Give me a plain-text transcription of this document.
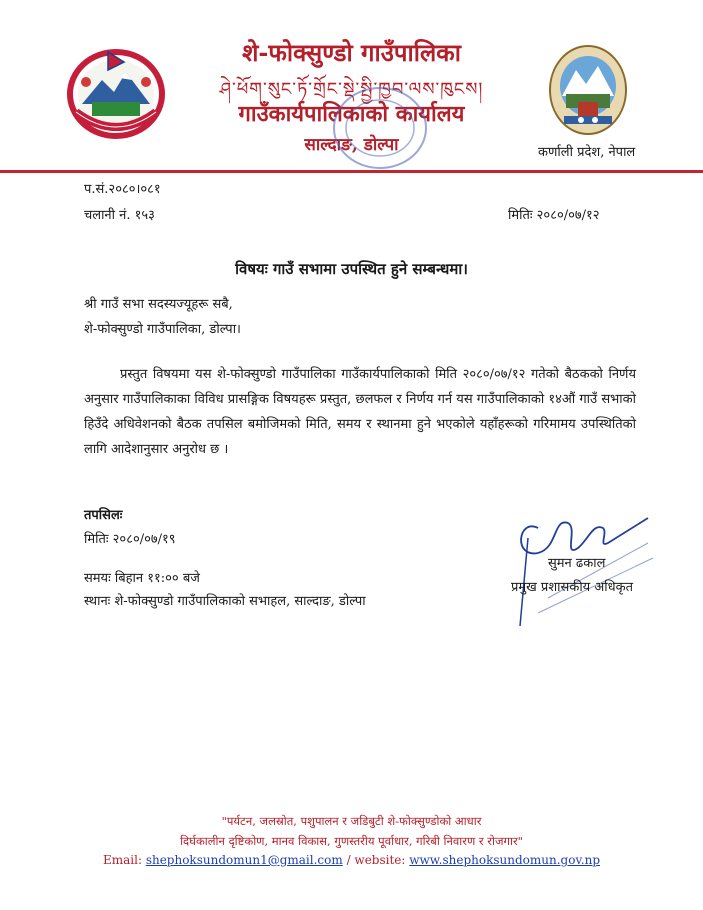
शे-फोक्सुण्डो गाउँपालिका
ཤེ་ཕོག་སུང་ཏོ་གྲོང་སྡེ་སྤྱི་ཁྱབ་ལས་ཁུངས།
गाउँकार्यपालिकाको कार्यालय
साल्दाङ, डोल्पा	कर्णाली प्रदेश, नेपाल
प.सं.२०८०।०८१
चलानी नं. १५३	मितिः २०८०/०७/१२
विषयः गाउँ सभामा उपस्थित हुने सम्बन्धमा।
श्री गाउँ सभा सदस्यज्यूहरू सबै,
शे-फोक्सुण्डो गाउँपालिका, डोल्पा।
प्रस्तुत विषयमा यस शे-फोक्सुण्डो गाउँपालिका गाउँकार्यपालिकाको मिति २०८०/०७/१२ गतेको बैठकको निर्णय अनुसार गाउँपालिकाका विविध प्रासङ्गिक विषयहरू प्रस्तुत, छलफल र निर्णय गर्न यस गाउँपालिकाको १४औं गाउँ सभाको हिउँदे अधिवेशनको बैठक तपसिल बमोजिमको मिति, समय र स्थानमा हुने भएकोले यहाँहरूको गरिमामय उपस्थितिको लागि आदेशानुसार अनुरोध छ ।
तपसिलः
मितिः २०८०/०७/१९
समयः बिहान ११:०० बजे
स्थानः शे-फोक्सुण्डो गाउँपालिकाको सभाहल, साल्दाङ, डोल्पा
सुमन ढकाल
प्रमुख प्रशासकीय अधिकृत
"पर्यटन, जलस्रोत, पशुपालन र जडिबुटी शे-फोक्सुण्डोको आधार
दिर्घकालीन दृष्टिकोण, मानव विकास, गुणस्तरीय पूर्वाधार, गरिबी निवारण र रोजगार"
Email: shephoksundomun1@gmail.com / website: www.shephoksundomun.gov.np
